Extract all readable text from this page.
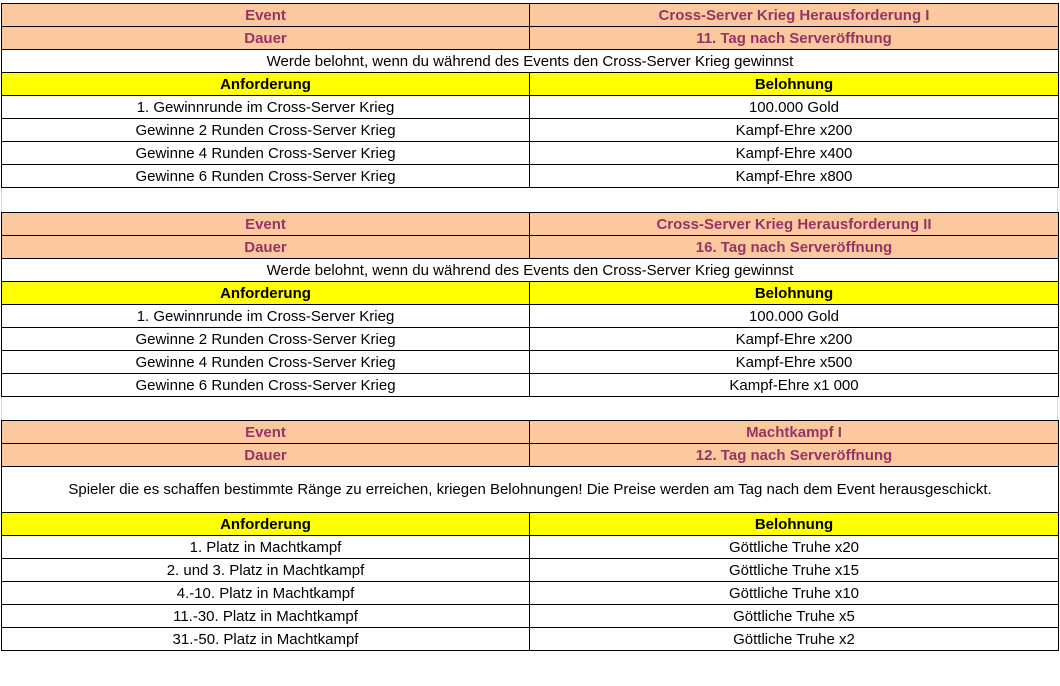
Event	Cross-Server Krieg Herausforderung I
Dauer	11. Tag nach Serveröffnung
Werde belohnt, wenn du während des Events den Cross-Server Krieg gewinnst	
Anforderung	Belohnung
1. Gewinnrunde im Cross-Server Krieg	100.000 Gold
Gewinne 2 Runden Cross-Server Krieg	Kampf-Ehre x200
Gewinne 4 Runden Cross-Server Krieg	Kampf-Ehre x400
Gewinne 6 Runden Cross-Server Krieg	Kampf-Ehre x800
Event	Cross-Server Krieg Herausforderung II
Dauer	16. Tag nach Serveröffnung
Werde belohnt, wenn du während des Events den Cross-Server Krieg gewinnst	
Anforderung	Belohnung
1. Gewinnrunde im Cross-Server Krieg	100.000 Gold
Gewinne 2 Runden Cross-Server Krieg	Kampf-Ehre x200
Gewinne 4 Runden Cross-Server Krieg	Kampf-Ehre x500
Gewinne 6 Runden Cross-Server Krieg	Kampf-Ehre x1 000
Event	Machtkampf I
Dauer	12. Tag nach Serveröffnung
Spieler die es schaffen bestimmte Ränge zu erreichen, kriegen Belohnungen! Die Preise werden am Tag nach dem Event herausgeschickt.	
Anforderung	Belohnung
1. Platz in Machtkampf	Göttliche Truhe x20
2. und 3. Platz in Machtkampf	Göttliche Truhe x15
4.-10. Platz in Machtkampf	Göttliche Truhe x10
11.-30. Platz in Machtkampf	Göttliche Truhe x5
31.-50. Platz in Machtkampf	Göttliche Truhe x2
